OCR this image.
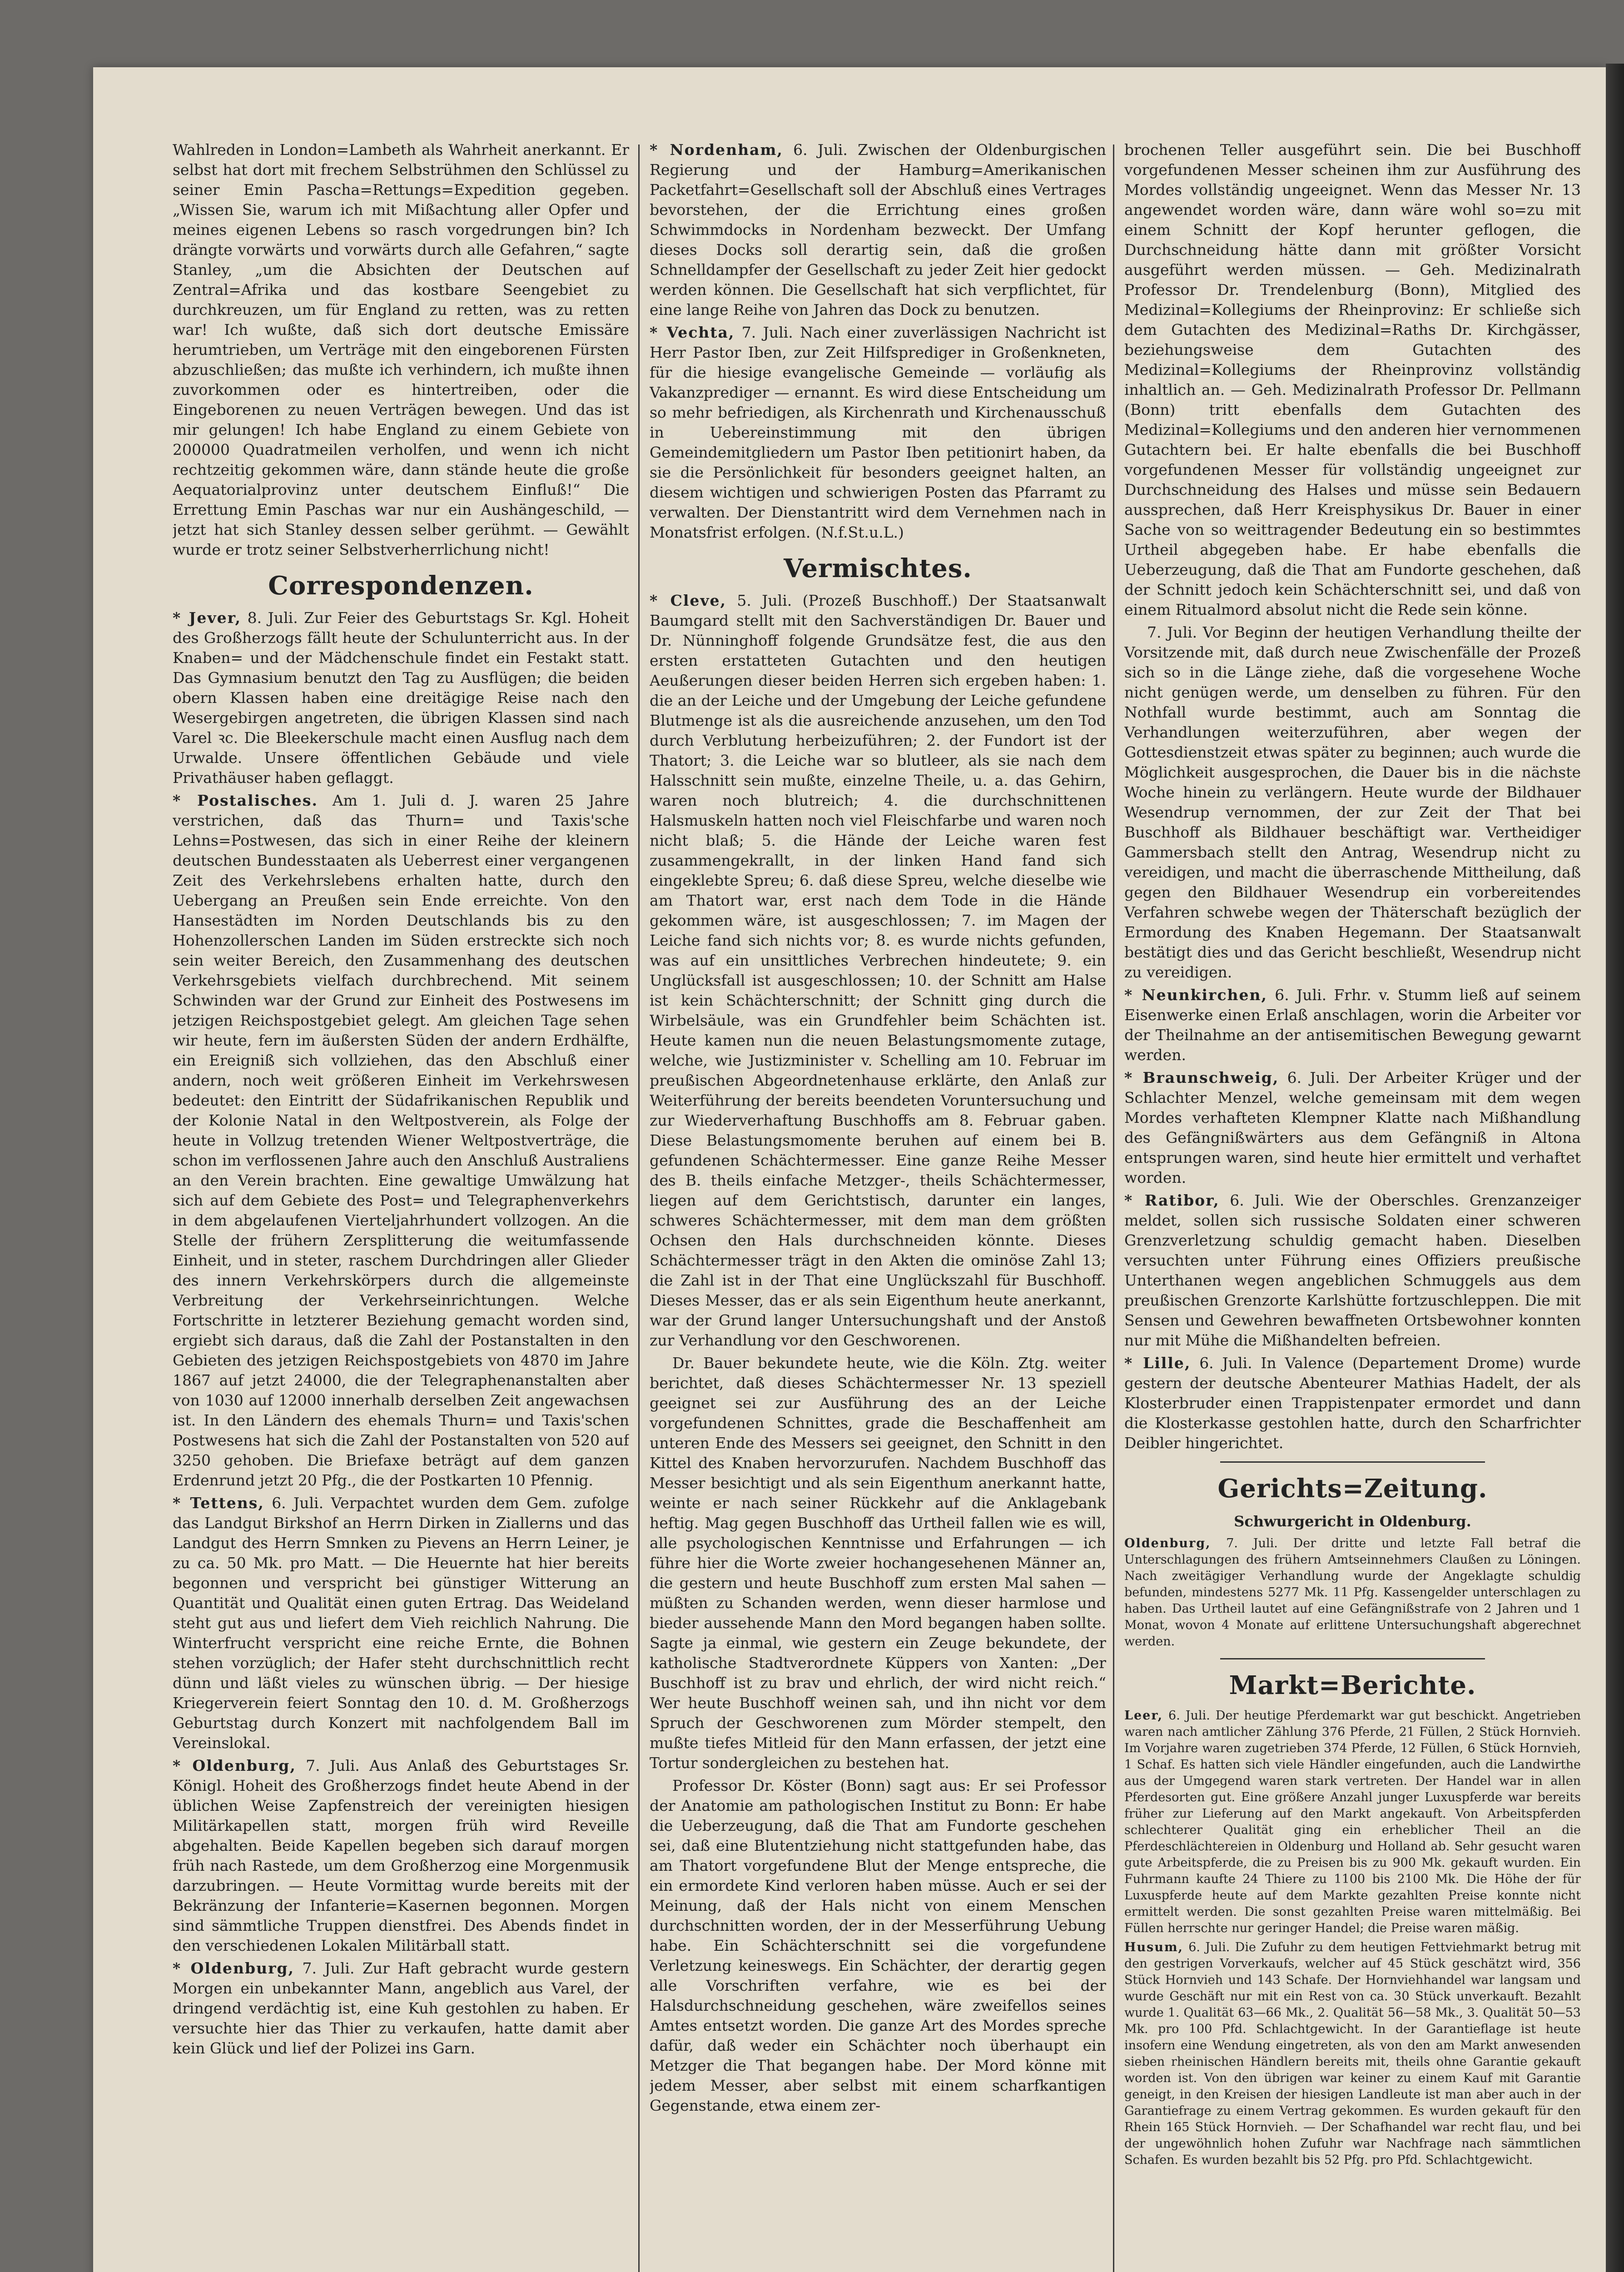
Wahlreden in London=Lambeth als Wahrheit anerkannt. Er selbst hat dort mit frechem Selbstrühmen den Schlüssel zu seiner Emin Pascha=Rettungs=Expedition gegeben. „Wissen Sie, warum ich mit Mißachtung aller Opfer und meines eigenen Lebens so rasch vorgedrungen bin? Ich drängte vorwärts und vorwärts durch alle Gefahren,“ sagte Stanley, „um die Absichten der Deutschen auf Zentral=Afrika und das kostbare Seengebiet zu durchkreuzen, um für England zu retten, was zu retten war! Ich wußte, daß sich dort deutsche Emissäre herumtrieben, um Verträge mit den eingeborenen Fürsten abzuschließen; das mußte ich verhindern, ich mußte ihnen zuvorkommen oder es hintertreiben, oder die Eingeborenen zu neuen Verträgen bewegen. Und das ist mir gelungen! Ich habe England zu einem Gebiete von 200000 Quadratmeilen verholfen, und wenn ich nicht rechtzeitig gekommen wäre, dann stände heute die große Aequatorialprovinz unter deutschem Einfluß!“ Die Errettung Emin Paschas war nur ein Aushängeschild, — jetzt hat sich Stanley dessen selber gerühmt. — Gewählt wurde er trotz seiner Selbstverherrlichung nicht!

Correspondenzen.

* Jever, 8. Juli. Zur Feier des Geburtstags Sr. Kgl. Hoheit des Großherzogs fällt heute der Schulunterricht aus. In der Knaben= und der Mädchenschule findet ein Festakt statt. Das Gymnasium benutzt den Tag zu Ausflügen; die beiden obern Klassen haben eine dreitägige Reise nach den Wesergebirgen angetreten, die übrigen Klassen sind nach Varel ꝛc. Die Bleekerschule macht einen Ausflug nach dem Urwalde. Unsere öffentlichen Gebäude und viele Privathäuser haben geflaggt.

* Postalisches. Am 1. Juli d. J. waren 25 Jahre verstrichen, daß das Thurn= und Taxis'sche Lehns=Postwesen, das sich in einer Reihe der kleinern deutschen Bundesstaaten als Ueberrest einer vergangenen Zeit des Verkehrslebens erhalten hatte, durch den Uebergang an Preußen sein Ende erreichte. Von den Hansestädten im Norden Deutschlands bis zu den Hohenzollerschen Landen im Süden erstreckte sich noch sein weiter Bereich, den Zusammenhang des deutschen Verkehrsgebiets vielfach durchbrechend. Mit seinem Schwinden war der Grund zur Einheit des Postwesens im jetzigen Reichspostgebiet gelegt. Am gleichen Tage sehen wir heute, fern im äußersten Süden der andern Erdhälfte, ein Ereigniß sich vollziehen, das den Abschluß einer andern, noch weit größeren Einheit im Verkehrswesen bedeutet: den Eintritt der Südafrikanischen Republik und der Kolonie Natal in den Weltpostverein, als Folge der heute in Vollzug tretenden Wiener Weltpostverträge, die schon im verflossenen Jahre auch den Anschluß Australiens an den Verein brachten. Eine gewaltige Umwälzung hat sich auf dem Gebiete des Post= und Telegraphenverkehrs in dem abgelaufenen Vierteljahrhundert vollzogen. An die Stelle der frühern Zersplitterung die weitumfassende Einheit, und in steter, raschem Durchdringen aller Glieder des innern Verkehrskörpers durch die allgemeinste Verbreitung der Verkehrseinrichtungen. Welche Fortschritte in letzterer Beziehung gemacht worden sind, ergiebt sich daraus, daß die Zahl der Postanstalten in den Gebieten des jetzigen Reichspostgebiets von 4870 im Jahre 1867 auf jetzt 24000, die der Telegraphenanstalten aber von 1030 auf 12000 innerhalb derselben Zeit angewachsen ist. In den Ländern des ehemals Thurn= und Taxis'schen Postwesens hat sich die Zahl der Postanstalten von 520 auf 3250 gehoben. Die Briefaxe beträgt auf dem ganzen Erdenrund jetzt 20 Pfg., die der Postkarten 10 Pfennig.

* Tettens, 6. Juli. Verpachtet wurden dem Gem. zufolge das Landgut Birkshof an Herrn Dirken in Ziallerns und das Landgut des Herrn Smnken zu Pievens an Herrn Leiner, je zu ca. 50 Mk. pro Matt. — Die Heuernte hat hier bereits begonnen und verspricht bei günstiger Witterung an Quantität und Qualität einen guten Ertrag. Das Weideland steht gut aus und liefert dem Vieh reichlich Nahrung. Die Winterfrucht verspricht eine reiche Ernte, die Bohnen stehen vorzüglich; der Hafer steht durchschnittlich recht dünn und läßt vieles zu wünschen übrig. — Der hiesige Kriegerverein feiert Sonntag den 10. d. M. Großherzogs Geburtstag durch Konzert mit nachfolgendem Ball im Vereinslokal.

* Oldenburg, 7. Juli. Aus Anlaß des Geburtstages Sr. Königl. Hoheit des Großherzogs findet heute Abend in der üblichen Weise Zapfenstreich der vereinigten hiesigen Militärkapellen statt, morgen früh wird Reveille abgehalten. Beide Kapellen begeben sich darauf morgen früh nach Rastede, um dem Großherzog eine Morgenmusik darzubringen. — Heute Vormittag wurde bereits mit der Bekränzung der Infanterie=Kasernen begonnen. Morgen sind sämmtliche Truppen dienstfrei. Des Abends findet in den verschiedenen Lokalen Militärball statt.

* Oldenburg, 7. Juli. Zur Haft gebracht wurde gestern Morgen ein unbekannter Mann, angeblich aus Varel, der dringend verdächtig ist, eine Kuh gestohlen zu haben. Er versuchte hier das Thier zu verkaufen, hatte damit aber kein Glück und lief der Polizei ins Garn.

* Nordenham, 6. Juli. Zwischen der Oldenburgischen Regierung und der Hamburg=Amerikanischen Packetfahrt=Gesellschaft soll der Abschluß eines Vertrages bevorstehen, der die Errichtung eines großen Schwimmdocks in Nordenham bezweckt. Der Umfang dieses Docks soll derartig sein, daß die großen Schnelldampfer der Gesellschaft zu jeder Zeit hier gedockt werden können. Die Gesellschaft hat sich verpflichtet, für eine lange Reihe von Jahren das Dock zu benutzen.

* Vechta, 7. Juli. Nach einer zuverlässigen Nachricht ist Herr Pastor Iben, zur Zeit Hilfsprediger in Großenkneten, für die hiesige evangelische Gemeinde — vorläufig als Vakanzprediger — ernannt. Es wird diese Entscheidung um so mehr befriedigen, als Kirchenrath und Kirchenausschuß in Uebereinstimmung mit den übrigen Gemeindemitgliedern um Pastor Iben petitionirt haben, da sie die Persönlichkeit für besonders geeignet halten, an diesem wichtigen und schwierigen Posten das Pfarramt zu verwalten. Der Dienstantritt wird dem Vernehmen nach in Monatsfrist erfolgen. (N.f.St.u.L.)

Vermischtes.

* Cleve, 5. Juli. (Prozeß Buschhoff.) Der Staatsanwalt Baumgard stellt mit den Sachverständigen Dr. Bauer und Dr. Nünninghoff folgende Grundsätze fest, die aus den ersten erstatteten Gutachten und den heutigen Aeußerungen dieser beiden Herren sich ergeben haben: 1. die an der Leiche und der Umgebung der Leiche gefundene Blutmenge ist als die ausreichende anzusehen, um den Tod durch Verblutung herbeizuführen; 2. der Fundort ist der Thatort; 3. die Leiche war so blutleer, als sie nach dem Halsschnitt sein mußte, einzelne Theile, u. a. das Gehirn, waren noch blutreich; 4. die durchschnittenen Halsmuskeln hatten noch viel Fleischfarbe und waren noch nicht blaß; 5. die Hände der Leiche waren fest zusammengekrallt, in der linken Hand fand sich eingeklebte Spreu; 6. daß diese Spreu, welche dieselbe wie am Thatort war, erst nach dem Tode in die Hände gekommen wäre, ist ausgeschlossen; 7. im Magen der Leiche fand sich nichts vor; 8. es wurde nichts gefunden, was auf ein unsittliches Verbrechen hindeutete; 9. ein Unglücksfall ist ausgeschlossen; 10. der Schnitt am Halse ist kein Schächterschnitt; der Schnitt ging durch die Wirbelsäule, was ein Grundfehler beim Schächten ist. Heute kamen nun die neuen Belastungsmomente zutage, welche, wie Justizminister v. Schelling am 10. Februar im preußischen Abgeordnetenhause erklärte, den Anlaß zur Weiterführung der bereits beendeten Voruntersuchung und zur Wiederverhaftung Buschhoffs am 8. Februar gaben. Diese Belastungsmomente beruhen auf einem bei B. gefundenen Schächtermesser. Eine ganze Reihe Messer des B. theils einfache Metzger-, theils Schächtermesser, liegen auf dem Gerichtstisch, darunter ein langes, schweres Schächtermesser, mit dem man dem größten Ochsen den Hals durchschneiden könnte. Dieses Schächtermesser trägt in den Akten die ominöse Zahl 13; die Zahl ist in der That eine Unglückszahl für Buschhoff. Dieses Messer, das er als sein Eigenthum heute anerkannt, war der Grund langer Untersuchungshaft und der Anstoß zur Verhandlung vor den Geschworenen.

Dr. Bauer bekundete heute, wie die Köln. Ztg. weiter berichtet, daß dieses Schächtermesser Nr. 13 speziell geeignet sei zur Ausführung des an der Leiche vorgefundenen Schnittes, grade die Beschaffenheit am unteren Ende des Messers sei geeignet, den Schnitt in den Kittel des Knaben hervorzurufen. Nachdem Buschhoff das Messer besichtigt und als sein Eigenthum anerkannt hatte, weinte er nach seiner Rückkehr auf die Anklagebank heftig. Mag gegen Buschhoff das Urtheil fallen wie es will, alle psychologischen Kenntnisse und Erfahrungen — ich führe hier die Worte zweier hochangesehenen Männer an, die gestern und heute Buschhoff zum ersten Mal sahen — müßten zu Schanden werden, wenn dieser harmlose und bieder aussehende Mann den Mord begangen haben sollte. Sagte ja einmal, wie gestern ein Zeuge bekundete, der katholische Stadtverordnete Küppers von Xanten: „Der Buschhoff ist zu brav und ehrlich, der wird nicht reich.“ Wer heute Buschhoff weinen sah, und ihn nicht vor dem Spruch der Geschworenen zum Mörder stempelt, den mußte tiefes Mitleid für den Mann erfassen, der jetzt eine Tortur sondergleichen zu bestehen hat.

Professor Dr. Köster (Bonn) sagt aus: Er sei Professor der Anatomie am pathologischen Institut zu Bonn: Er habe die Ueberzeugung, daß die That am Fundorte geschehen sei, daß eine Blutentziehung nicht stattgefunden habe, das am Thatort vorgefundene Blut der Menge entspreche, die ein ermordete Kind verloren haben müsse. Auch er sei der Meinung, daß der Hals nicht von einem Menschen durchschnitten worden, der in der Messerführung Uebung habe. Ein Schächterschnitt sei die vorgefundene Verletzung keineswegs. Ein Schächter, der derartig gegen alle Vorschriften verfahre, wie es bei der Halsdurchschneidung geschehen, wäre zweifellos seines Amtes entsetzt worden. Die ganze Art des Mordes spreche dafür, daß weder ein Schächter noch überhaupt ein Metzger die That begangen habe. Der Mord könne mit jedem Messer, aber selbst mit einem scharfkantigen Gegenstande, etwa einem zer-

brochenen Teller ausgeführt sein. Die bei Buschhoff vorgefundenen Messer scheinen ihm zur Ausführung des Mordes vollständig ungeeignet. Wenn das Messer Nr. 13 angewendet worden wäre, dann wäre wohl so=zu mit einem Schnitt der Kopf herunter geflogen, die Durchschneidung hätte dann mit größter Vorsicht ausgeführt werden müssen. — Geh. Medizinalrath Professor Dr. Trendelenburg (Bonn), Mitglied des Medizinal=Kollegiums der Rheinprovinz: Er schließe sich dem Gutachten des Medizinal=Raths Dr. Kirchgässer, beziehungsweise dem Gutachten des Medizinal=Kollegiums der Rheinprovinz vollständig inhaltlich an. — Geh. Medizinalrath Professor Dr. Pellmann (Bonn) tritt ebenfalls dem Gutachten des Medizinal=Kollegiums und den anderen hier vernommenen Gutachtern bei. Er halte ebenfalls die bei Buschhoff vorgefundenen Messer für vollständig ungeeignet zur Durchschneidung des Halses und müsse sein Bedauern aussprechen, daß Herr Kreisphysikus Dr. Bauer in einer Sache von so weittragender Bedeutung ein so bestimmtes Urtheil abgegeben habe. Er habe ebenfalls die Ueberzeugung, daß die That am Fundorte geschehen, daß der Schnitt jedoch kein Schächterschnitt sei, und daß von einem Ritualmord absolut nicht die Rede sein könne.

7. Juli. Vor Beginn der heutigen Verhandlung theilte der Vorsitzende mit, daß durch neue Zwischenfälle der Prozeß sich so in die Länge ziehe, daß die vorgesehene Woche nicht genügen werde, um denselben zu führen. Für den Nothfall wurde bestimmt, auch am Sonntag die Verhandlungen weiterzuführen, aber wegen der Gottesdienstzeit etwas später zu beginnen; auch wurde die Möglichkeit ausgesprochen, die Dauer bis in die nächste Woche hinein zu verlängern. Heute wurde der Bildhauer Wesendrup vernommen, der zur Zeit der That bei Buschhoff als Bildhauer beschäftigt war. Vertheidiger Gammersbach stellt den Antrag, Wesendrup nicht zu vereidigen, und macht die überraschende Mittheilung, daß gegen den Bildhauer Wesendrup ein vorbereitendes Verfahren schwebe wegen der Thäterschaft bezüglich der Ermordung des Knaben Hegemann. Der Staatsanwalt bestätigt dies und das Gericht beschließt, Wesendrup nicht zu vereidigen.

* Neunkirchen, 6. Juli. Frhr. v. Stumm ließ auf seinem Eisenwerke einen Erlaß anschlagen, worin die Arbeiter vor der Theilnahme an der antisemitischen Bewegung gewarnt werden.

* Braunschweig, 6. Juli. Der Arbeiter Krüger und der Schlachter Menzel, welche gemeinsam mit dem wegen Mordes verhafteten Klempner Klatte nach Mißhandlung des Gefängnißwärters aus dem Gefängniß in Altona entsprungen waren, sind heute hier ermittelt und verhaftet worden.

* Ratibor, 6. Juli. Wie der Oberschles. Grenzanzeiger meldet, sollen sich russische Soldaten einer schweren Grenzverletzung schuldig gemacht haben. Dieselben versuchten unter Führung eines Offiziers preußische Unterthanen wegen angeblichen Schmuggels aus dem preußischen Grenzorte Karlshütte fortzuschleppen. Die mit Sensen und Gewehren bewaffneten Ortsbewohner konnten nur mit Mühe die Mißhandelten befreien.

* Lille, 6. Juli. In Valence (Departement Drome) wurde gestern der deutsche Abenteurer Mathias Hadelt, der als Klosterbruder einen Trappistenpater ermordet und dann die Klosterkasse gestohlen hatte, durch den Scharfrichter Deibler hingerichtet.

Gerichts=Zeitung.
Schwurgericht in Oldenburg.

Oldenburg, 7. Juli. Der dritte und letzte Fall betraf die Unterschlagungen des frühern Amtseinnehmers Claußen zu Löningen. Nach zweitägiger Verhandlung wurde der Angeklagte schuldig befunden, mindestens 5277 Mk. 11 Pfg. Kassengelder unterschlagen zu haben. Das Urtheil lautet auf eine Gefängnißstrafe von 2 Jahren und 1 Monat, wovon 4 Monate auf erlittene Untersuchungshaft abgerechnet werden.

Markt=Berichte.

Leer, 6. Juli. Der heutige Pferdemarkt war gut beschickt. Angetrieben waren nach amtlicher Zählung 376 Pferde, 21 Füllen, 2 Stück Hornvieh. Im Vorjahre waren zugetrieben 374 Pferde, 12 Füllen, 6 Stück Hornvieh, 1 Schaf. Es hatten sich viele Händler eingefunden, auch die Landwirthe aus der Umgegend waren stark vertreten. Der Handel war in allen Pferdesorten gut. Eine größere Anzahl junger Luxuspferde war bereits früher zur Lieferung auf den Markt angekauft. Von Arbeitspferden schlechterer Qualität ging ein erheblicher Theil an die Pferdeschlächtereien in Oldenburg und Holland ab. Sehr gesucht waren gute Arbeitspferde, die zu Preisen bis zu 900 Mk. gekauft wurden. Ein Fuhrmann kaufte 24 Thiere zu 1100 bis 2100 Mk. Die Höhe der für Luxuspferde heute auf dem Markte gezahlten Preise konnte nicht ermittelt werden. Die sonst gezahlten Preise waren mittelmäßig. Bei Füllen herrschte nur geringer Handel; die Preise waren mäßig.

Husum, 6. Juli. Die Zufuhr zu dem heutigen Fettviehmarkt betrug mit den gestrigen Vorverkaufs, welcher auf 45 Stück geschätzt wird, 356 Stück Hornvieh und 143 Schafe. Der Hornviehhandel war langsam und wurde Geschäft nur mit ein Rest von ca. 30 Stück unverkauft. Bezahlt wurde 1. Qualität 63—66 Mk., 2. Qualität 56—58 Mk., 3. Qualität 50—53 Mk. pro 100 Pfd. Schlachtgewicht. In der Garantieflage ist heute insofern eine Wendung eingetreten, als von den am Markt anwesenden sieben rheinischen Händlern bereits mit, theils ohne Garantie gekauft worden ist. Von den übrigen war keiner zu einem Kauf mit Garantie geneigt, in den Kreisen der hiesigen Landleute ist man aber auch in der Garantiefrage zu einem Vertrag gekommen. Es wurden gekauft für den Rhein 165 Stück Hornvieh. — Der Schafhandel war recht flau, und bei der ungewöhnlich hohen Zufuhr war Nachfrage nach sämmtlichen Schafen. Es wurden bezahlt bis 52 Pfg. pro Pfd. Schlachtgewicht.
